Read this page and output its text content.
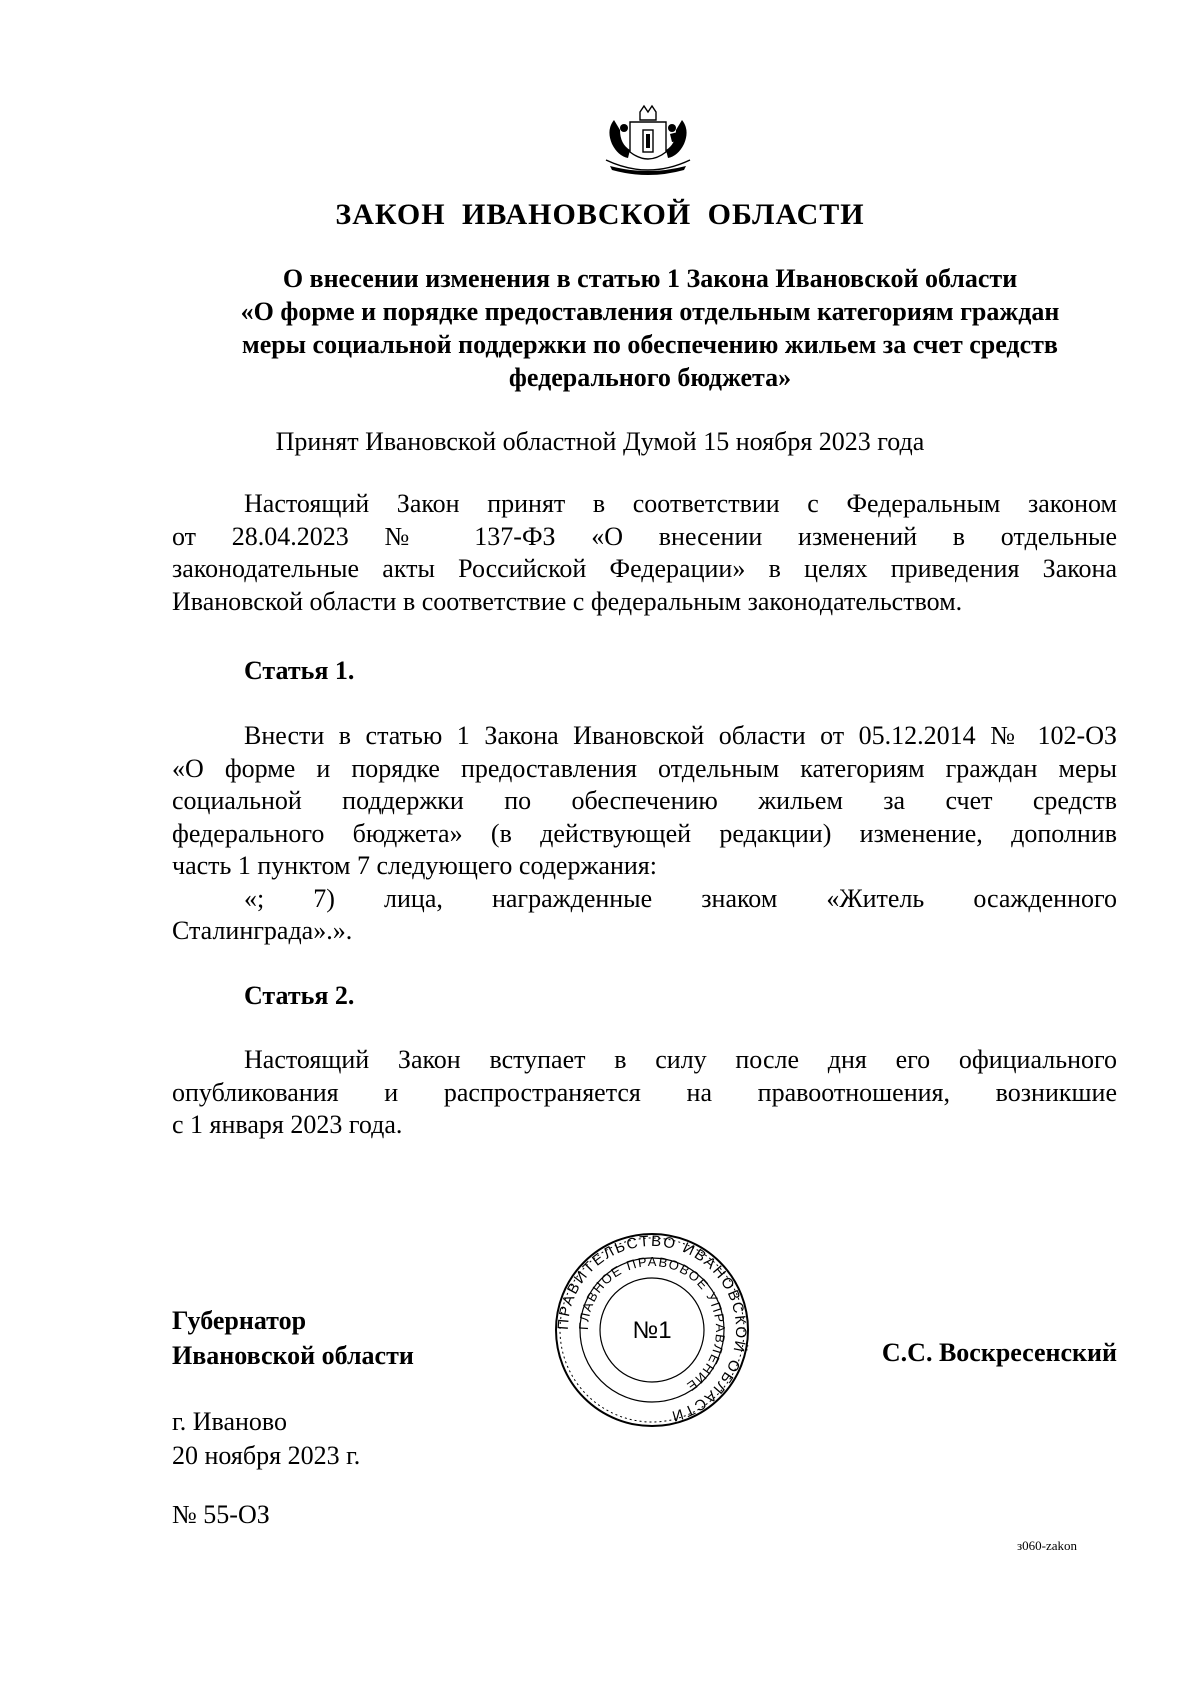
ЗАКОН ИВАНОВСКОЙ ОБЛАСТИ
О внесении изменения в статью 1 Закона Ивановской области
«О форме и порядке предоставления отдельным категориям граждан
меры социальной поддержки по обеспечению жильем за счет средств
федерального бюджета»
Принят Ивановской областной Думой 15 ноября 2023 года
Настоящий Закон принят в соответствии с Федеральным законом
от 28.04.2023 № 137-ФЗ «О внесении изменений в отдельные
законодательные акты Российской Федерации» в целях приведения Закона
Ивановской области в соответствие с федеральным законодательством.
Статья 1.
Внести в статью 1 Закона Ивановской области от 05.12.2014 № 102-ОЗ
«О форме и порядке предоставления отдельным категориям граждан меры
социальной поддержки по обеспечению жильем за счет средств
федерального бюджета» (в действующей редакции) изменение, дополнив
часть 1 пунктом 7 следующего содержания:
«; 7) лица, награжденные знаком «Житель осажденного
Сталинграда».».
Статья 2.
Настоящий Закон вступает в силу после дня его официального
опубликования и распространяется на правоотношения, возникшие
с 1 января 2023 года.
Губернатор
Ивановской области
ПРАВИТЕЛЬСТВО ИВАНОВСКОЙ ОБЛАСТИ
ГЛАВНОЕ ПРАВОВОЕ УПРАВЛЕНИЕ
№1
С.С. Воскресенский
г. Иваново
20 ноября 2023 г.
№ 55-ОЗ
з060-zakon
